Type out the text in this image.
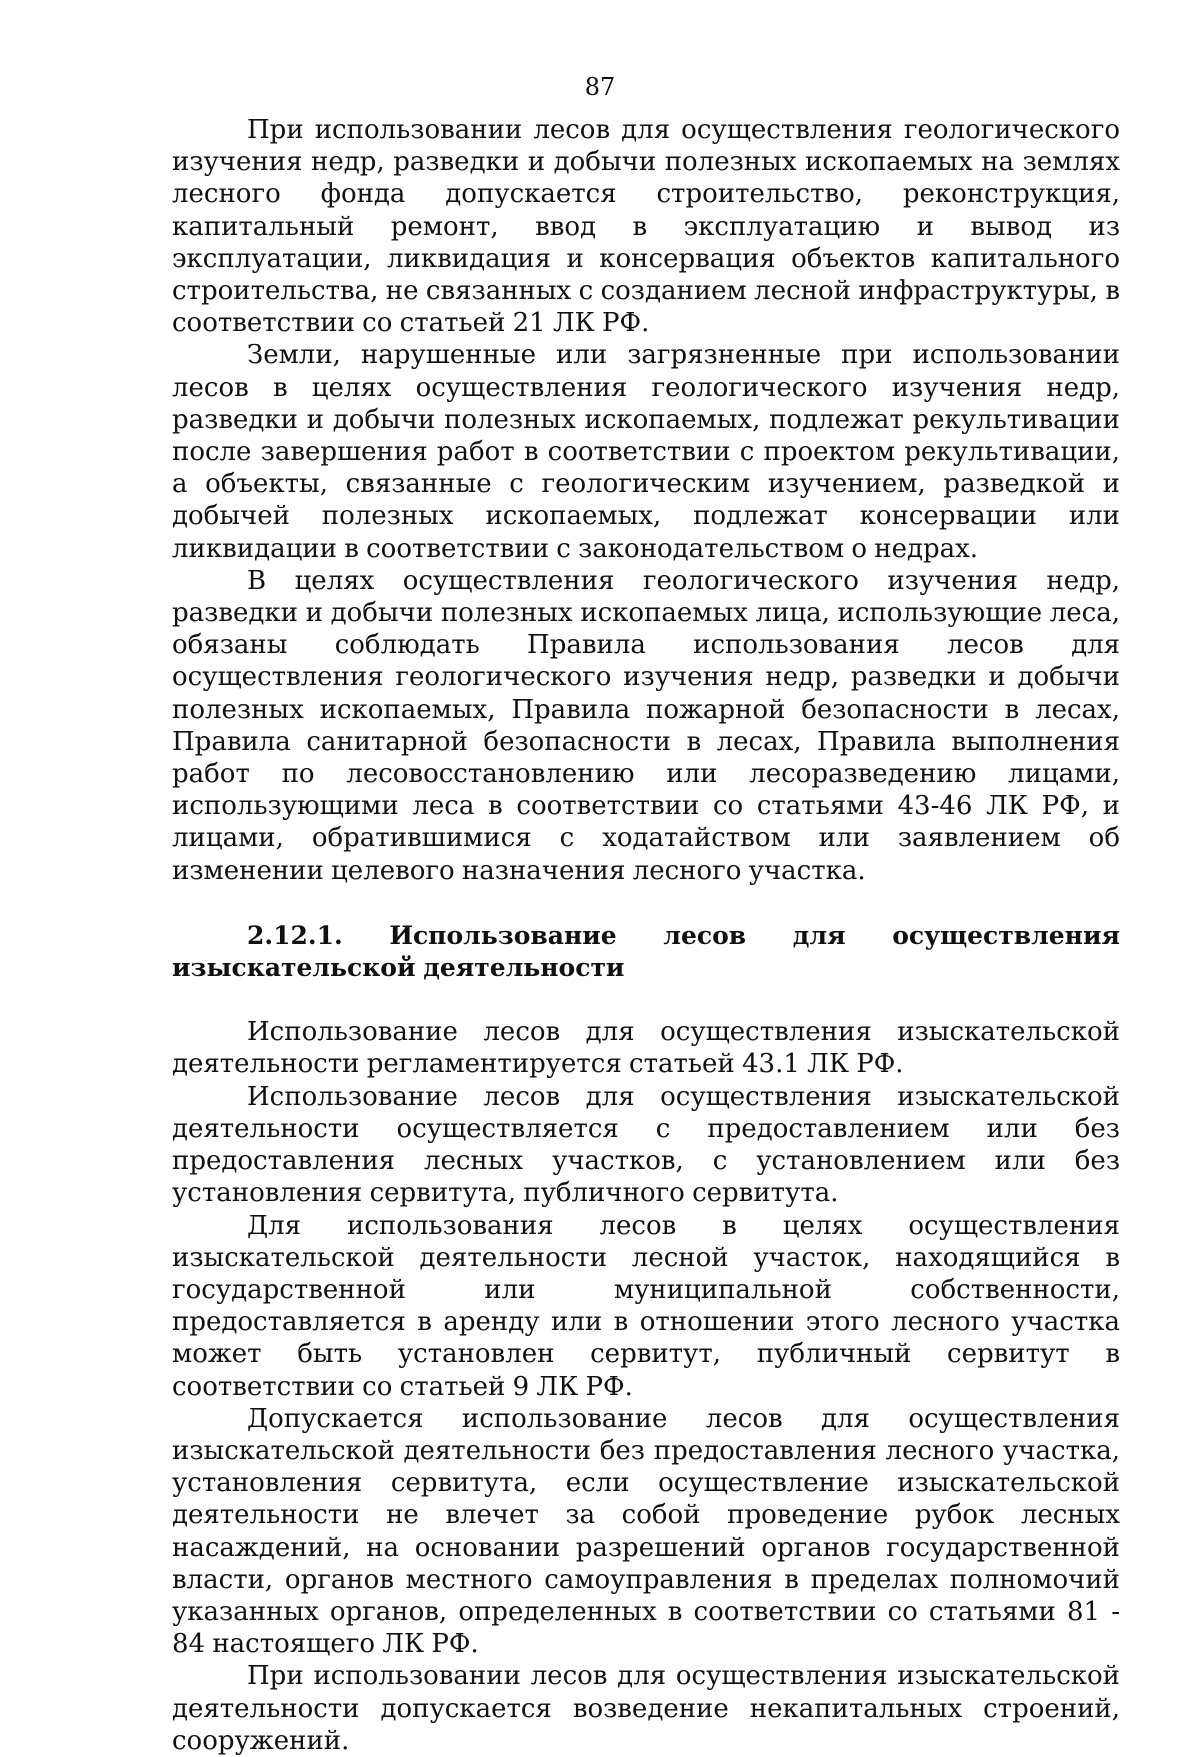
87

При использовании лесов для осуществления геологического изучения недр, разведки и добычи полезных ископаемых на землях лесного фонда допускается строительство, реконструкция, капитальный ремонт, ввод в эксплуатацию и вывод из эксплуатации, ликвидация и консервация объектов капитального строительства, не связанных с созданием лесной инфраструктуры, в соответствии со статьей 21 ЛК РФ.

Земли, нарушенные или загрязненные при использовании лесов в целях осуществления геологического изучения недр, разведки и добычи полезных ископаемых, подлежат рекультивации после завершения работ в соответствии с проектом рекультивации, а объекты, связанные с геологическим изучением, разведкой и добычей полезных ископаемых, подлежат консервации или ликвидации в соответствии с законодательством о недрах.

В целях осуществления геологического изучения недр, разведки и добычи полезных ископаемых лица, использующие леса, обязаны соблюдать Правила использования лесов для осуществления геологического изучения недр, разведки и добычи полезных ископаемых, Правила пожарной безопасности в лесах, Правила санитарной безопасности в лесах, Правила выполнения работ по лесовосстановлению или лесоразведению лицами, использующими леса в соответствии со статьями 43-46 ЛК РФ, и лицами, обратившимися с ходатайством или заявлением об изменении целевого назначения лесного участка.

2.12.1. Использование лесов для осуществления изыскательской деятельности

Использование лесов для осуществления изыскательской деятельности регламентируется статьей 43.1 ЛК РФ.

Использование лесов для осуществления изыскательской деятельности осуществляется с предоставлением или без предоставления лесных участков, с установлением или без установления сервитута, публичного сервитута.

Для использования лесов в целях осуществления изыскательской деятельности лесной участок, находящийся в государственной или муниципальной собственности, предоставляется в аренду или в отношении этого лесного участка может быть установлен сервитут, публичный сервитут в соответствии со статьей 9 ЛК РФ.

Допускается использование лесов для осуществления изыскательской деятельности без предоставления лесного участка, установления сервитута, если осуществление изыскательской деятельности не влечет за собой проведение рубок лесных насаждений, на основании разрешений органов государственной власти, органов местного самоуправления в пределах полномочий указанных органов, определенных в соответствии со статьями 81 - 84 настоящего ЛК РФ.

При использовании лесов для осуществления изыскательской деятельности допускается возведение некапитальных строений, сооружений.
